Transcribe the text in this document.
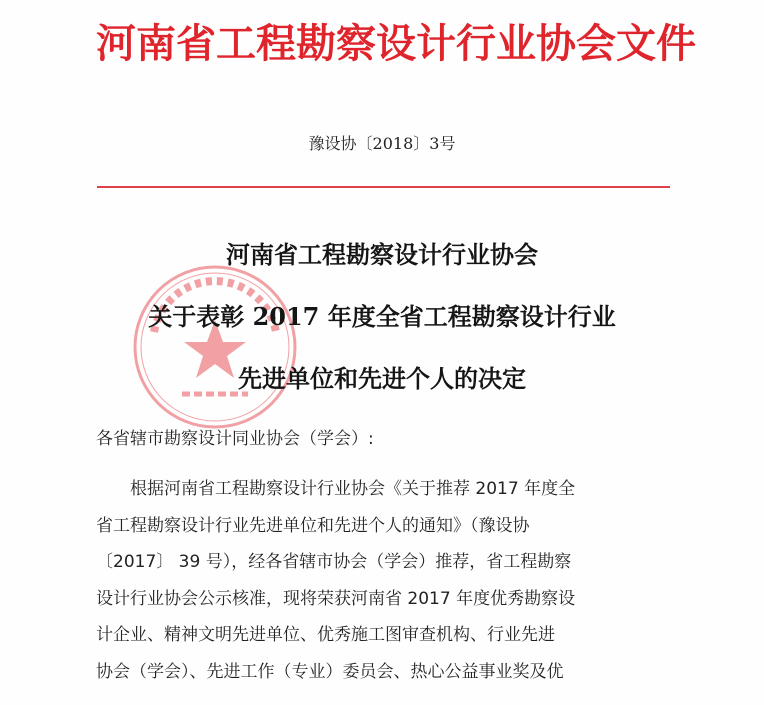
河南省工程勘察设计行业协会文件
豫设协〔2018〕3号
河南省工程勘察设计行业协会
关于表彰 2017 年度全省工程勘察设计行业
先进单位和先进个人的决定
各省辖市勘察设计同业协会（学会）:
根据河南省工程勘察设计行业协会《关于推荐 2017 年度全
省工程勘察设计行业先进单位和先进个人的通知》（豫设协
〔2017〕 39 号），经各省辖市协会（学会）推荐，省工程勘察
设计行业协会公示核准，现将荣获河南省 2017 年度优秀勘察设
计企业、精神文明先进单位、优秀施工图审查机构、行业先进
协会（学会）、先进工作（专业）委员会、热心公益事业奖及优
